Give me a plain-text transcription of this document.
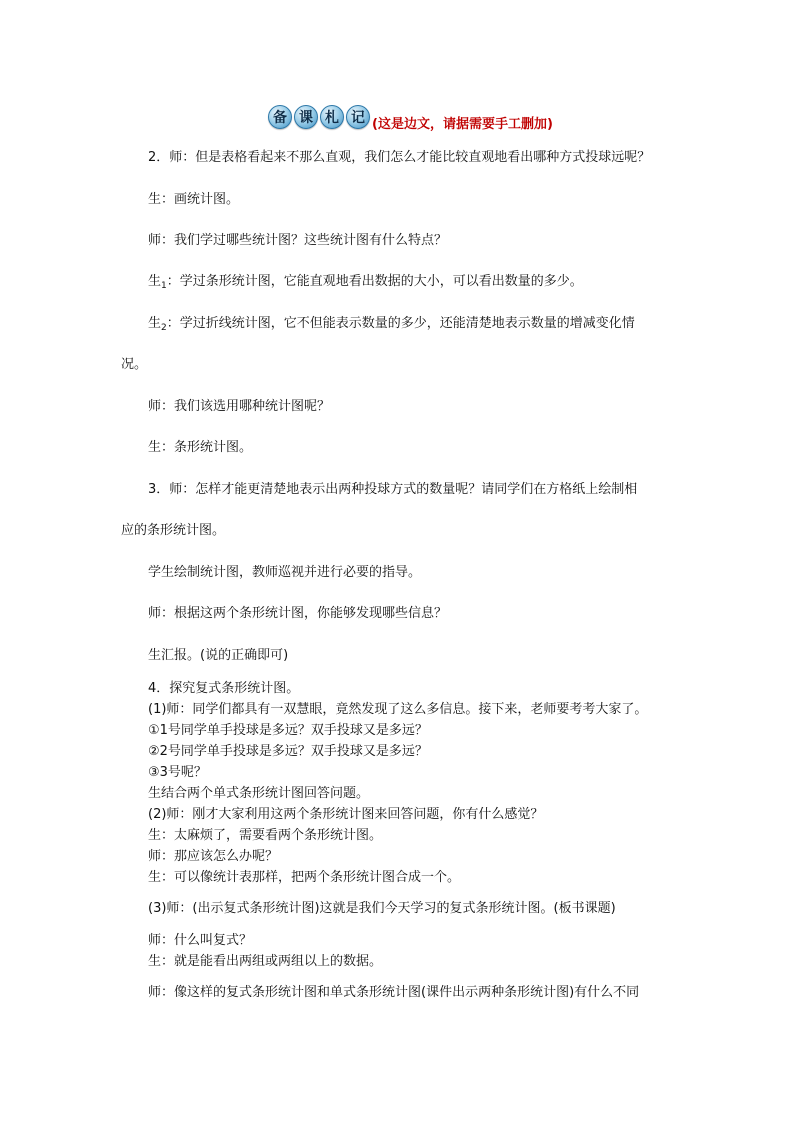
备 课 札 记 (这是边文，请据需要手工删加)
2．师：但是表格看起来不那么直观，我们怎么才能比较直观地看出哪种方式投球远呢？
生：画统计图。
师：我们学过哪些统计图？这些统计图有什么特点？
生$_1$：学过条形统计图，它能直观地看出数据的大小，可以看出数量的多少。
生$_2$：学过折线统计图，它不但能表示数量的多少，还能清楚地表示数量的增减变化情
况。
师：我们该选用哪种统计图呢？
生：条形统计图。
3．师：怎样才能更清楚地表示出两种投球方式的数量呢？请同学们在方格纸上绘制相
应的条形统计图。
学生绘制统计图，教师巡视并进行必要的指导。
师：根据这两个条形统计图，你能够发现哪些信息？
生汇报。(说的正确即可)
4．探究复式条形统计图。
(1)师：同学们都具有一双慧眼，竟然发现了这么多信息。接下来，老师要考考大家了。
①1号同学单手投球是多远？双手投球又是多远？
②2号同学单手投球是多远？双手投球又是多远？
③3号呢？
生结合两个单式条形统计图回答问题。
(2)师：刚才大家利用这两个条形统计图来回答问题，你有什么感觉？
生：太麻烦了，需要看两个条形统计图。
师：那应该怎么办呢？
生：可以像统计表那样，把两个条形统计图合成一个。
(3)师：(出示复式条形统计图)这就是我们今天学习的复式条形统计图。(板书课题)
师：什么叫复式？
生：就是能看出两组或两组以上的数据。
师：像这样的复式条形统计图和单式条形统计图(课件出示两种条形统计图)有什么不同
